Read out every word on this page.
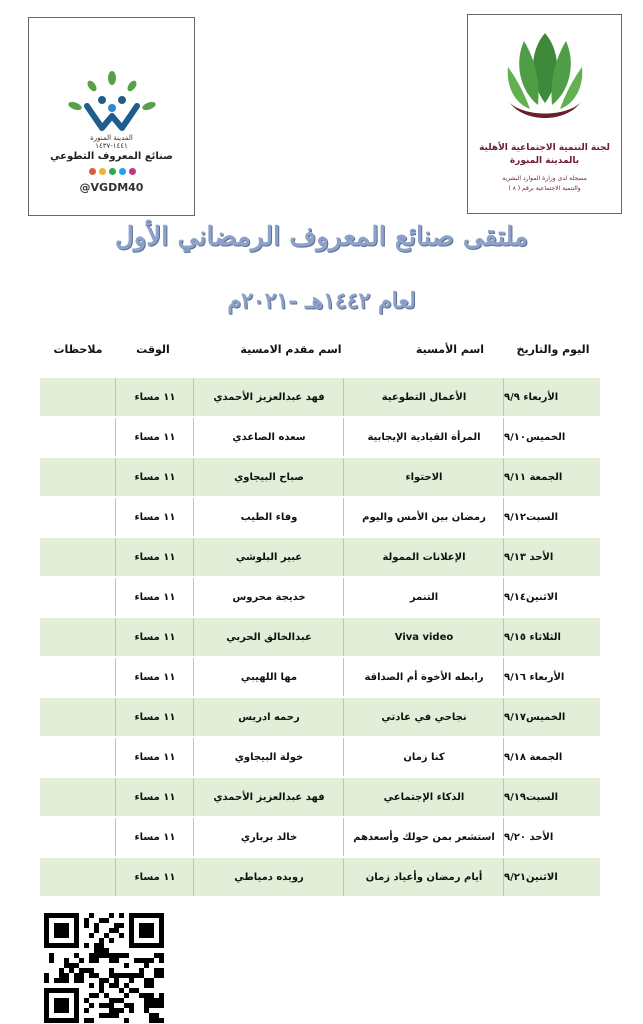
المدينة المنورة
١٤٤١-١٤٣٧
صنائع المعروف التطوعي
@VGDM40
لجنة التنمية الاجتماعية الأهلية
بالمدينة المنورة
مسجلة لدى وزارة الموارد البشرية
والتنمية الاجتماعية برقم ( ٨ )
ملتقى صنائع المعروف الرمضاني الأول
لعام ١٤٤٢هـ -٢٠٢١م
اليوم والتاريخ
اسم الأمسية
اسم مقدم الامسية
الوقت
ملاحظات
الأربعاء ٩/٩
الأعمال التطوعية
فهد عبدالعزيز الأحمدي
١١ مساء
الخميس٩/١٠
المرأة القيادية الإيجابية
سعده الصاعدي
١١ مساء
الجمعة ٩/١١
الاحتواء
صباح البيجاوي
١١ مساء
السبت٩/١٢
رمضان بين الأمس واليوم
وفاء الطيب
١١ مساء
الأحد ٩/١٣
الإعلانات الممولة
عبير البلوشي
١١ مساء
الاثنين٩/١٤
التنمر
خديجة محروس
١١ مساء
الثلاثاء ٩/١٥
Viva video
عبدالخالق الحربي
١١ مساء
الأربعاء ٩/١٦
رابطه الأخوة أم الصداقة
مها اللهيبي
١١ مساء
الخميس٩/١٧
نجاحي في عادتي
رحمه ادريس
١١ مساء
الجمعة ٩/١٨
كنا زمان
خولة البيجاوي
١١ مساء
السبت٩/١٩
الذكاء الإجتماعي
فهد عبدالعزيز الأحمدي
١١ مساء
الأحد ٩/٢٠
استشعر بمن حولك وأسعدهم
خالد برباري
١١ مساء
الاثنين٩/٢١
أيام رمضان وأعياد زمان
رويده دمياطي
١١ مساء
